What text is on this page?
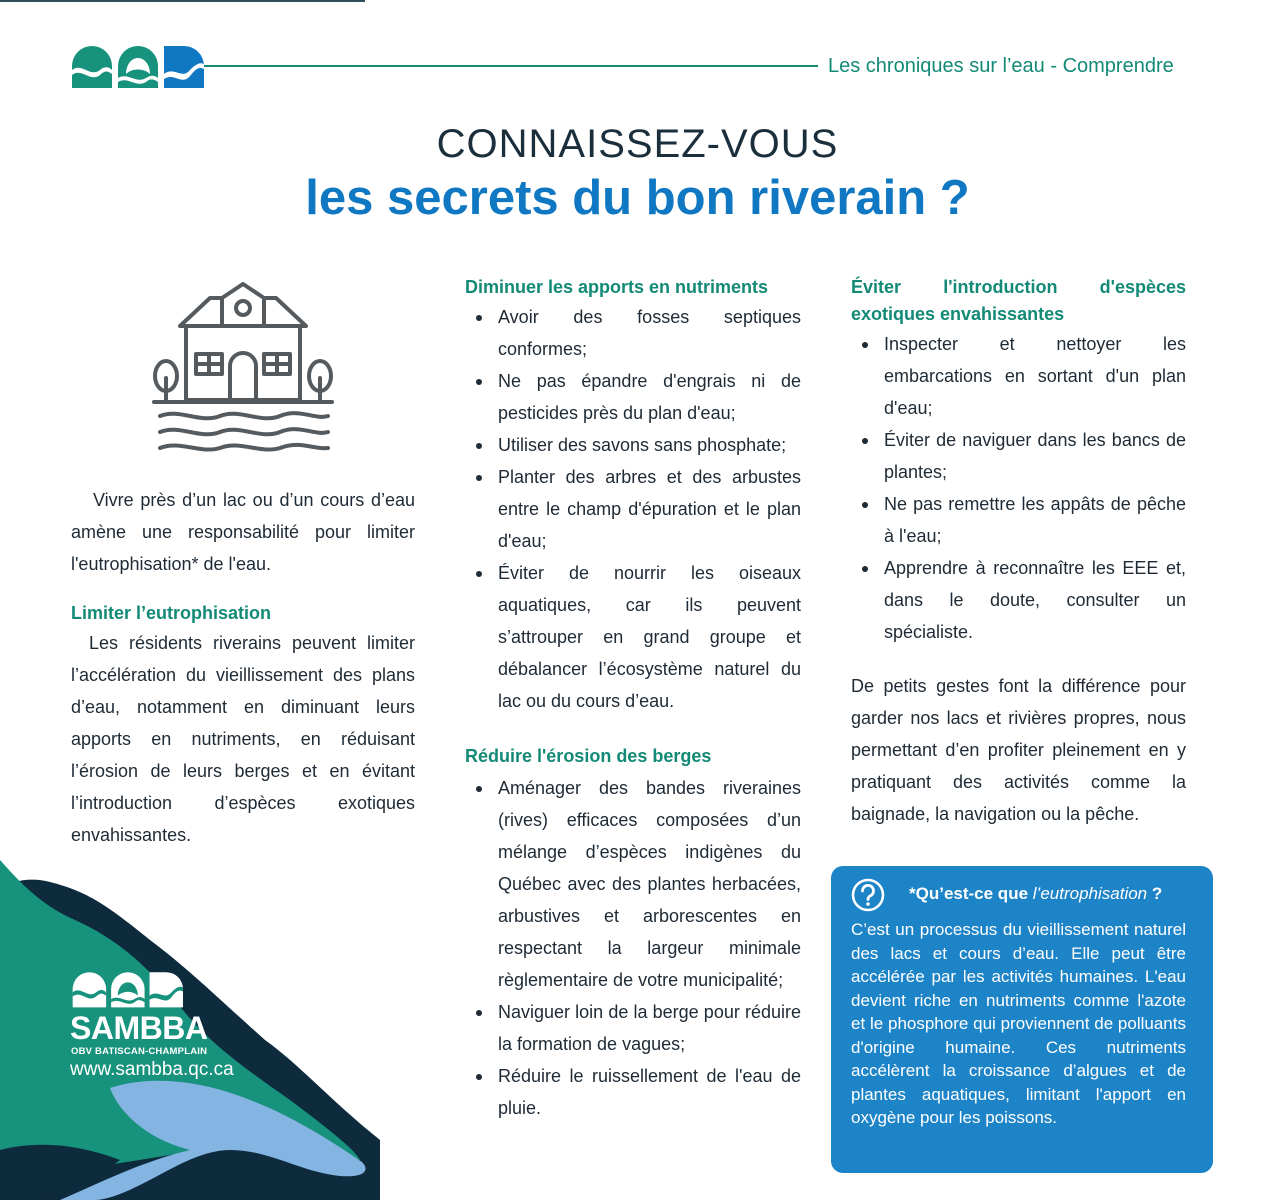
Les chroniques sur l’eau - Comprendre
CONNAISSEZ-VOUS
les secrets du bon riverain ?

Vivre près d’un lac ou d’un cours d’eau amène une responsabilité pour limiter l'eutrophisation* de l'eau.

Limiter l’eutrophisation

Les résidents riverains peuvent limiter l’accélération du vieillissement des plans d’eau, notamment en diminuant leurs apports en nutriments, en réduisant l’érosion de leurs berges et en évitant l’introduction d’espèces exotiques envahissantes.

Diminuer les apports en nutriments

Avoir des fosses septiques conformes;
Ne pas épandre d'engrais ni de pesticides près du plan d'eau;
Utiliser des savons sans phosphate;
Planter des arbres et des arbustes entre le champ d'épuration et le plan d'eau;
Éviter de nourrir les oiseaux aquatiques, car ils peuvent s’attrouper en grand groupe et débalancer l’écosystème naturel du lac ou du cours d’eau.

Réduire l'érosion des berges

Aménager des bandes riveraines (rives) efficaces composées d’un mélange d’espèces indigènes du Québec avec des plantes herbacées, arbustives et arborescentes en respectant la largeur minimale règlementaire de votre municipalité;
Naviguer loin de la berge pour réduire la formation de vagues;
Réduire le ruissellement de l'eau de pluie.

Éviter l'introduction d'espèces exotiques envahissantes

Inspecter et nettoyer les embarcations en sortant d'un plan d'eau;
Éviter de naviguer dans les bancs de plantes;
Ne pas remettre les appâts de pêche à l'eau;
Apprendre à reconnaître les EEE et, dans le doute, consulter un spécialiste.

De petits gestes font la différence pour garder nos lacs et rivières propres, nous permettant d’en profiter pleinement en y pratiquant des activités comme la baignade, la navigation ou la pêche.

*Qu’est-ce que l’eutrophisation ?
C’est un processus du vieillissement naturel des lacs et cours d’eau. Elle peut être accélérée par les activités humaines. L'eau devient riche en nutriments comme l'azote et le phosphore qui proviennent de polluants d'origine humaine. Ces nutriments accélèrent la croissance d’algues et de plantes aquatiques, limitant l'apport en oxygène pour les poissons.
SAMBBA
OBV BATISCAN-CHAMPLAIN
www.sambba.qc.ca
